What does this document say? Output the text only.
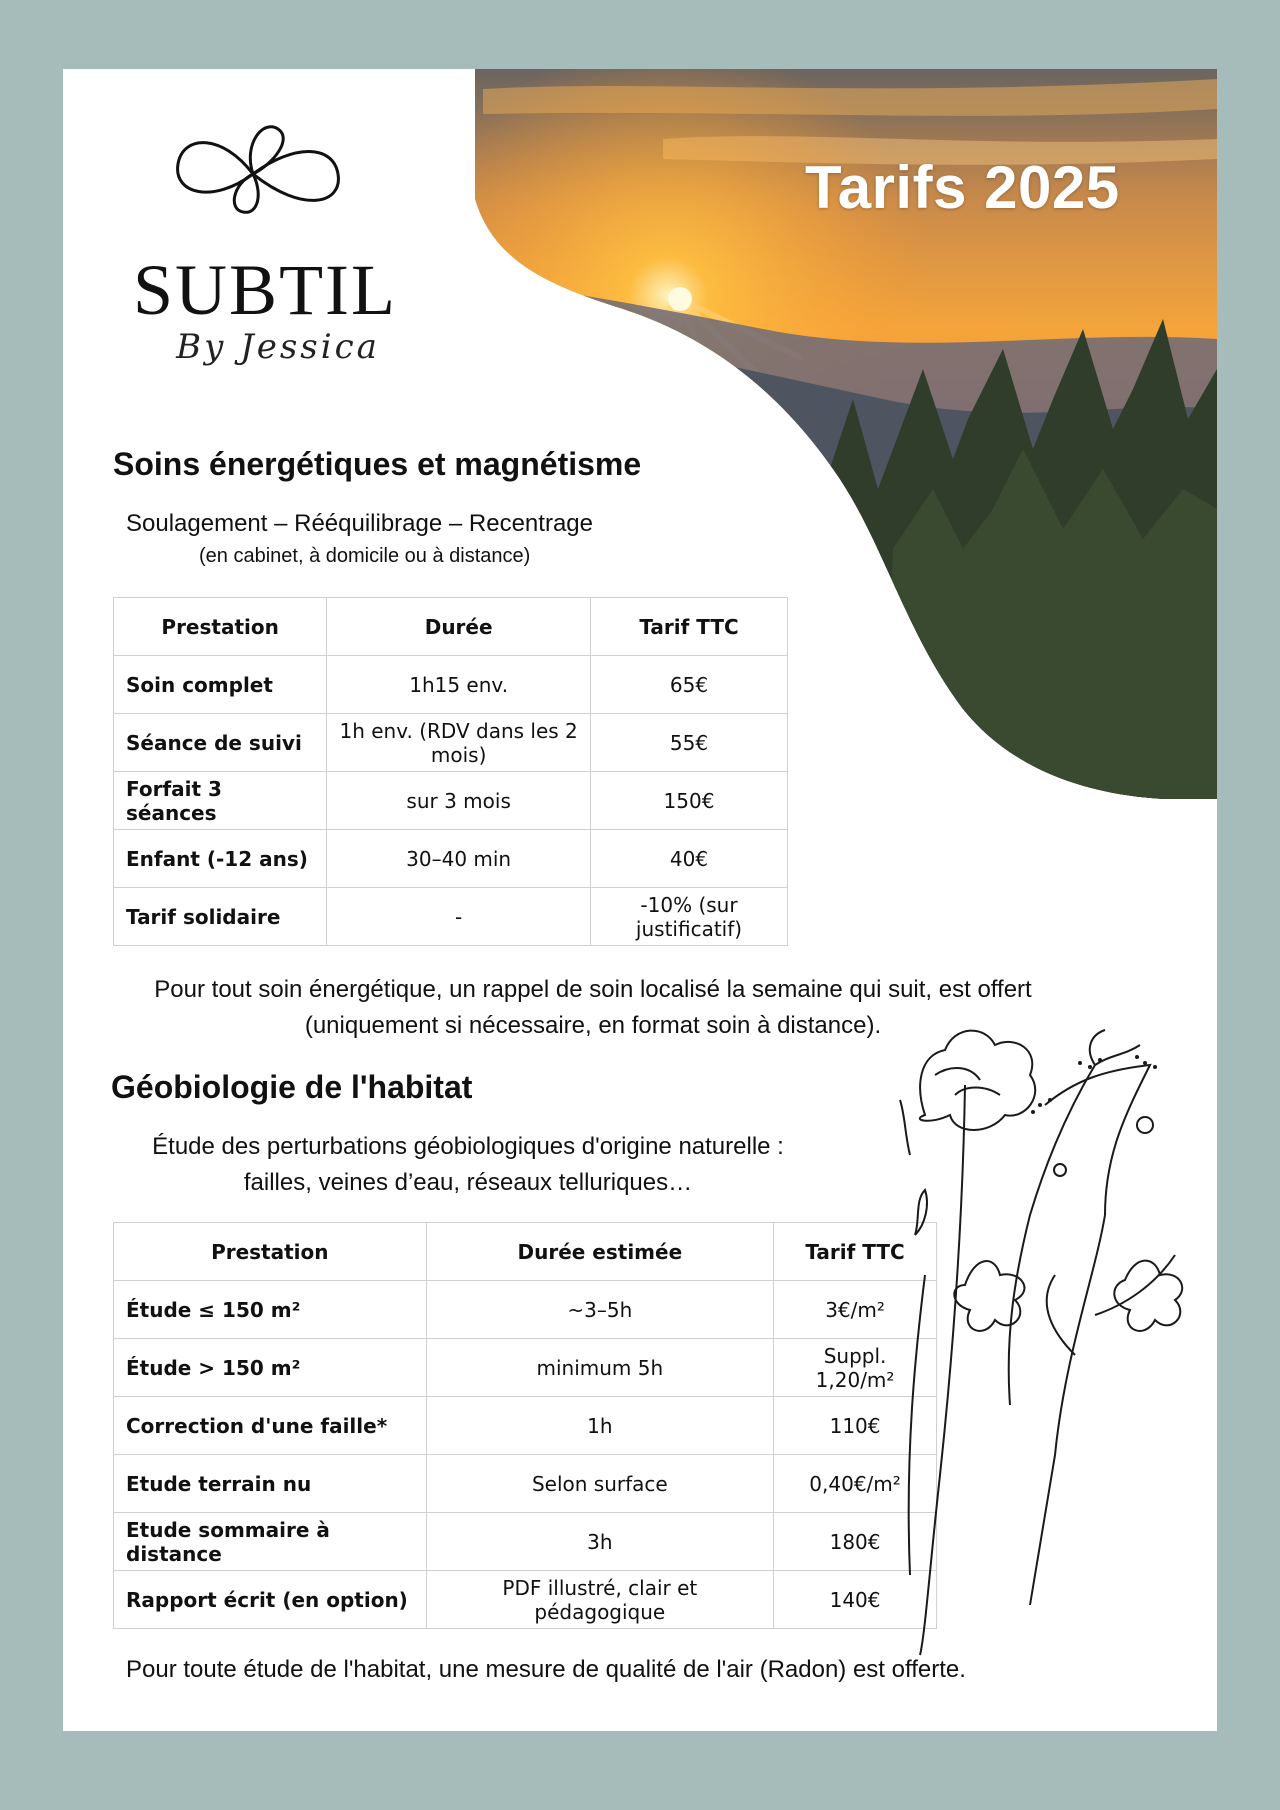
Tarifs 2025
SUBTIL
By Jessica
Soins énergétiques et magnétisme
Soulagement – Rééquilibrage – Recentrage
(en cabinet, à domicile ou à distance)
Prestation	Durée	Tarif TTC
Soin complet	1h15 env.	65€
Séance de suivi	1h env. (RDV dans les 2 mois)	55€
Forfait 3 séances	sur 3 mois	150€
Enfant (-12 ans)	30–40 min	40€
Tarif solidaire	-	-10% (sur justificatif)
Pour tout soin énergétique, un rappel de soin localisé la semaine qui suit, est offert
(uniquement si nécessaire, en format soin à distance).
Géobiologie de l'habitat
Étude des perturbations géobiologiques d'origine naturelle :
failles, veines d’eau, réseaux telluriques…
Prestation	Durée estimée	Tarif TTC
Étude ≤ 150 m²	~3–5h	3€/m²
Étude > 150 m²	minimum 5h	Suppl. 1,20/m²
Correction d'une faille*	1h	110€
Etude terrain nu	Selon surface	0,40€/m²
Etude sommaire à distance	3h	180€
Rapport écrit (en option)	PDF illustré, clair et pédagogique	140€
Pour toute étude de l'habitat, une mesure de qualité de l'air (Radon) est offerte.
